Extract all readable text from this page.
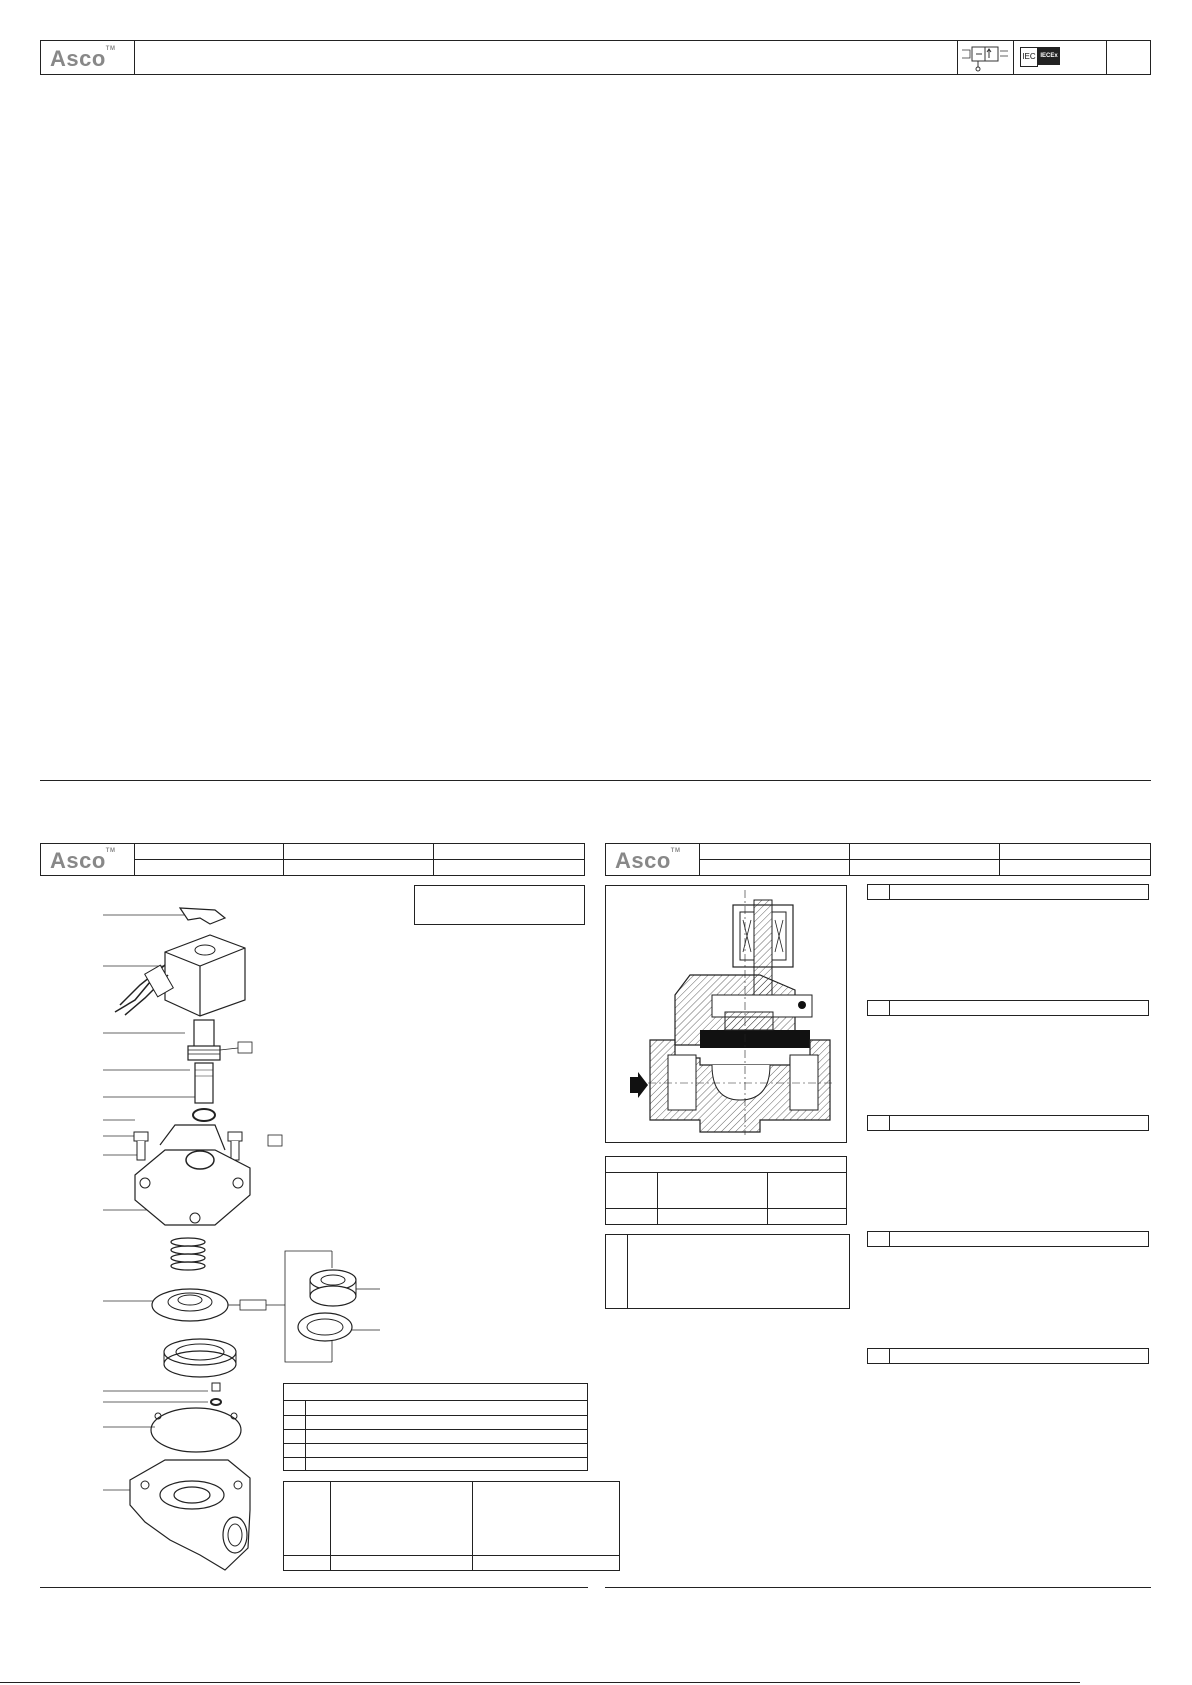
Asco™
IEC IECEx
Asco™	Asco™
